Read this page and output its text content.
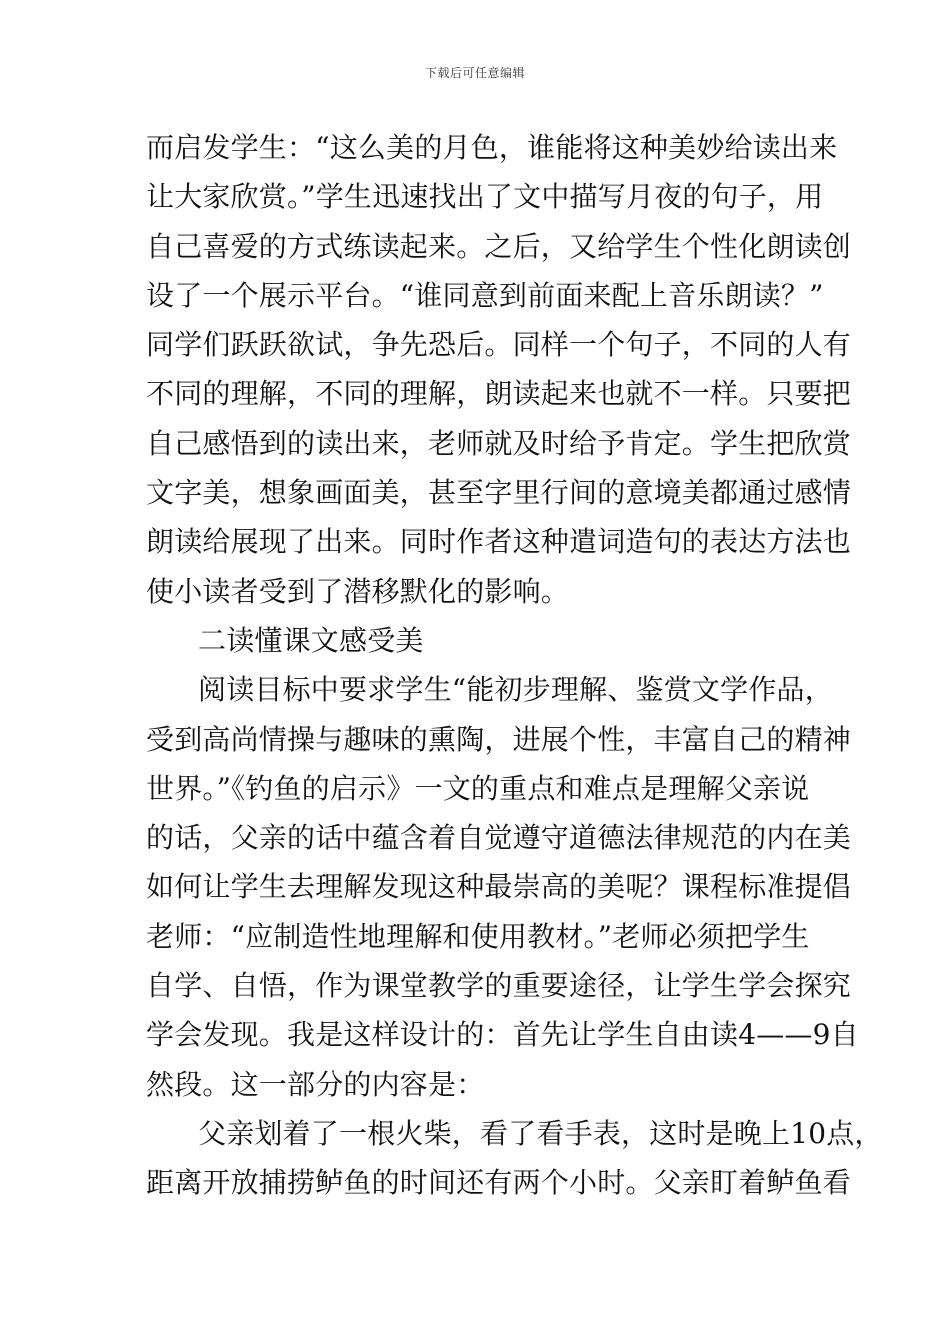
下载后可任意编辑
而启发学生：“这么美的月色，谁能将这种美妙给读出来
让大家欣赏。”学生迅速找出了文中描写月夜的句子，用
自己喜爱的方式练读起来。之后，又给学生个性化朗读创
设了一个展示平台。“谁同意到前面来配上音乐朗读？”
同学们跃跃欲试，争先恐后。同样一个句子，不同的人有
不同的理解，不同的理解，朗读起来也就不一样。只要把
自己感悟到的读出来，老师就及时给予肯定。学生把欣赏
文字美，想象画面美，甚至字里行间的意境美都通过感情
朗读给展现了出来。同时作者这种遣词造句的表达方法也
使小读者受到了潜移默化的影响。
二读懂课文感受美
阅读目标中要求学生“能初步理解、鉴赏文学作品，
受到高尚情操与趣味的熏陶，进展个性，丰富自己的精神
世界。”《钓鱼的启示》一文的重点和难点是理解父亲说
的话，父亲的话中蕴含着自觉遵守道德法律规范的内在美
如何让学生去理解发现这种最崇高的美呢？课程标准提倡
老师：“应制造性地理解和使用教材。”老师必须把学生
自学、自悟，作为课堂教学的重要途径，让学生学会探究
学会发现。我是这样设计的：首先让学生自由读4——9自
然段。这一部分的内容是：
父亲划着了一根火柴，看了看手表，这时是晚上10点，
距离开放捕捞鲈鱼的时间还有两个小时。父亲盯着鲈鱼看
